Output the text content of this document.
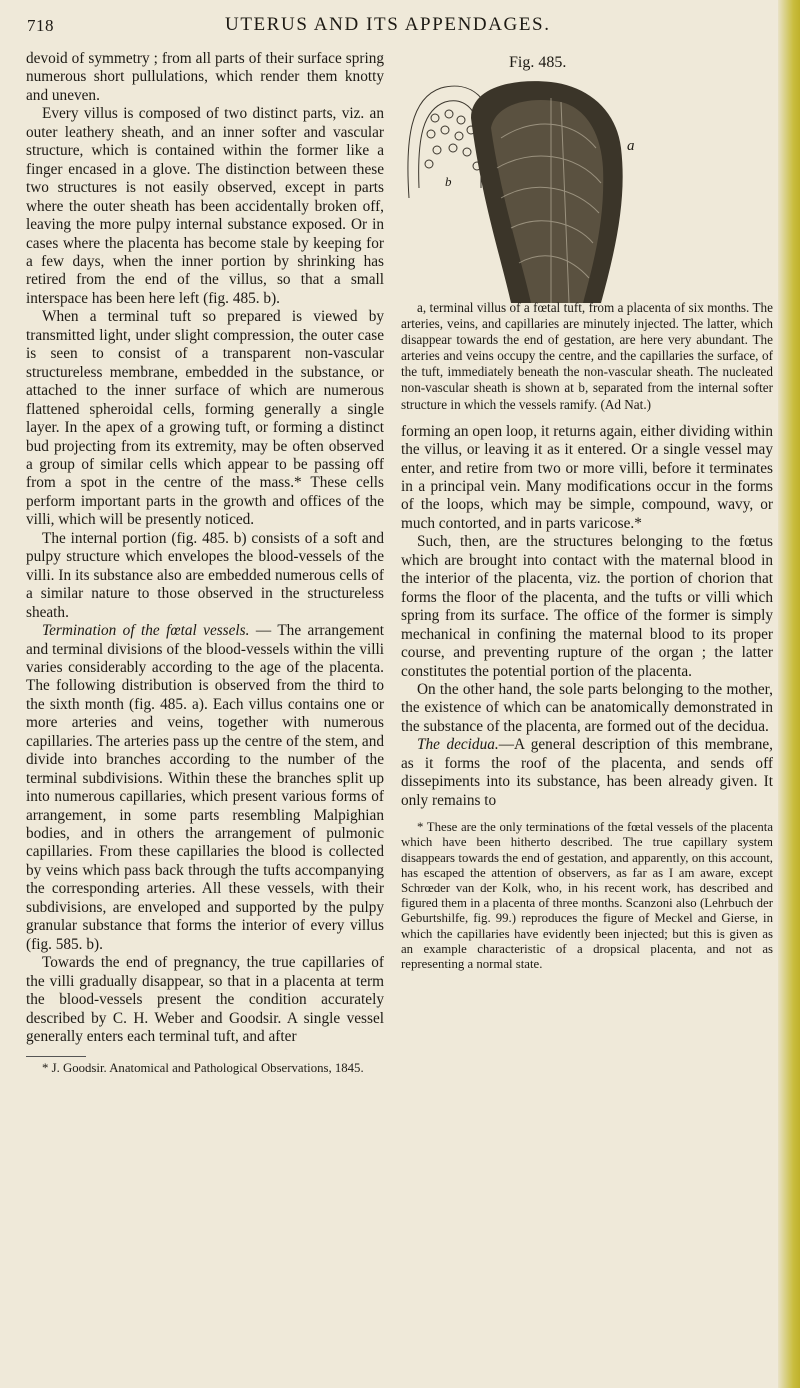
718	UTERUS AND ITS APPENDAGES.

devoid of symmetry ; from all parts of their surface spring numerous short pullulations, which render them knotty and uneven.

Every villus is composed of two distinct parts, viz. an outer leathery sheath, and an inner softer and vascular structure, which is contained within the former like a finger encased in a glove. The distinction between these two structures is not easily observed, except in parts where the outer sheath has been accidentally broken off, leaving the more pulpy internal substance exposed. Or in cases where the placenta has become stale by keeping for a few days, when the inner portion by shrinking has retired from the end of the villus, so that a small interspace has been here left (fig. 485. b).

When a terminal tuft so prepared is viewed by transmitted light, under slight compression, the outer case is seen to consist of a transparent non-vascular structureless membrane, embedded in the substance, or attached to the inner surface of which are numerous flattened spheroidal cells, forming generally a single layer. In the apex of a growing tuft, or forming a distinct bud projecting from its extremity, may be often observed a group of similar cells which appear to be passing off from a spot in the centre of the mass.* These cells perform important parts in the growth and offices of the villi, which will be presently noticed.

The internal portion (fig. 485. b) consists of a soft and pulpy structure which envelopes the blood-vessels of the villi. In its substance also are embedded numerous cells of a similar nature to those observed in the structureless sheath.

Termination of the fœtal vessels. — The arrangement and terminal divisions of the blood-vessels within the villi varies considerably according to the age of the placenta. The following distribution is observed from the third to the sixth month (fig. 485. a). Each villus contains one or more arteries and veins, together with numerous capillaries. The arteries pass up the centre of the stem, and divide into branches according to the number of the terminal subdivisions. Within these the branches split up into numerous capillaries, which present various forms of arrangement, in some parts resembling Malpighian bodies, and in others the arrangement of pulmonic capillaries. From these capillaries the blood is collected by veins which pass back through the tufts accompanying the corresponding arteries. All these vessels, with their subdivisions, are enveloped and supported by the pulpy granular substance that forms the interior of every villus (fig. 585. b).

Towards the end of pregnancy, the true capillaries of the villi gradually disappear, so that in a placenta at term the blood-vessels present the condition accurately described by C. H. Weber and Goodsir. A single vessel generally enters each terminal tuft, and after

* J. Goodsir. Anatomical and Pathological Observations, 1845.

Fig. 485.
a
b

a, terminal villus of a fœtal tuft, from a placenta of six months. The arteries, veins, and capillaries are minutely injected. The latter, which disappear towards the end of gestation, are here very abundant. The arteries and veins occupy the centre, and the capillaries the surface, of the tuft, immediately beneath the non-vascular sheath. The nucleated non-vascular sheath is shown at b, separated from the internal softer structure in which the vessels ramify. (Ad Nat.)

forming an open loop, it returns again, either dividing within the villus, or leaving it as it entered. Or a single vessel may enter, and retire from two or more villi, before it terminates in a principal vein. Many modifications occur in the forms of the loops, which may be simple, compound, wavy, or much contorted, and in parts varicose.*

Such, then, are the structures belonging to the fœtus which are brought into contact with the maternal blood in the interior of the placenta, viz. the portion of chorion that forms the floor of the placenta, and the tufts or villi which spring from its surface. The office of the former is simply mechanical in confining the maternal blood to its proper course, and preventing rupture of the organ ; the latter constitutes the potential portion of the placenta.

On the other hand, the sole parts belonging to the mother, the existence of which can be anatomically demonstrated in the substance of the placenta, are formed out of the decidua.

The decidua.—A general description of this membrane, as it forms the roof of the placenta, and sends off dissepiments into its substance, has been already given. It only remains to

* These are the only terminations of the fœtal vessels of the placenta which have been hitherto described. The true capillary system disappears towards the end of gestation, and apparently, on this account, has escaped the attention of observers, as far as I am aware, except Schrœder van der Kolk, who, in his recent work, has described and figured them in a placenta of three months. Scanzoni also (Lehrbuch der Geburtshilfe, fig. 99.) reproduces the figure of Meckel and Gierse, in which the capillaries have evidently been injected; but this is given as an example characteristic of a dropsical placenta, and not as representing a normal state.
